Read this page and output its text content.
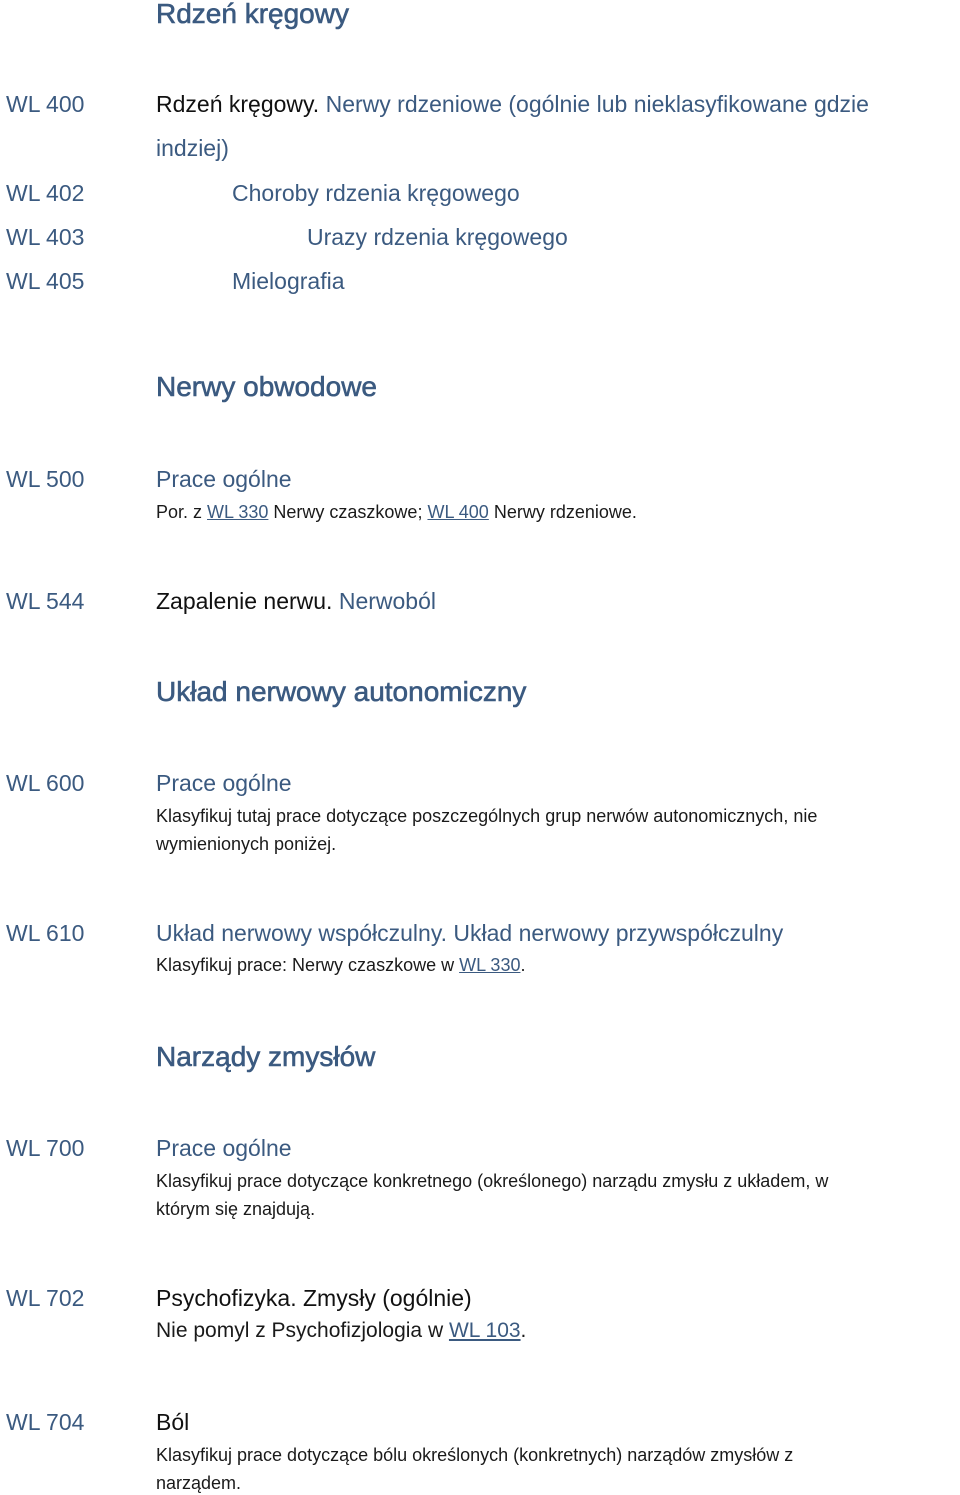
Rdzeń kręgowy
WL 400	Rdzeń kręgowy. Nerwy rdzeniowe (ogólnie lub nieklasyfikowane gdzie
indziej)
WL 402	Choroby rdzenia kręgowego
WL 403	Urazy rdzenia kręgowego
WL 405	Mielografia
Nerwy obwodowe
WL 500	Prace ogólne
Por. z WL 330 Nerwy czaszkowe; WL 400 Nerwy rdzeniowe.
WL 544	Zapalenie nerwu. Nerwoból
Układ nerwowy autonomiczny
WL 600	Prace ogólne
Klasyfikuj tutaj prace dotyczące poszczególnych grup nerwów autonomicznych, nie
wymienionych poniżej.
WL 610	Układ nerwowy współczulny. Układ nerwowy przywspółczulny
Klasyfikuj prace: Nerwy czaszkowe w WL 330.
Narządy zmysłów
WL 700	Prace ogólne
Klasyfikuj prace dotyczące konkretnego (określonego) narządu zmysłu z układem, w
którym się znajdują.
WL 702	Psychofizyka. Zmysły (ogólnie)
Nie pomyl z Psychofizjologia w WL 103.
WL 704	Ból
Klasyfikuj prace dotyczące bólu określonych (konkretnych) narządów zmysłów z
narządem.
